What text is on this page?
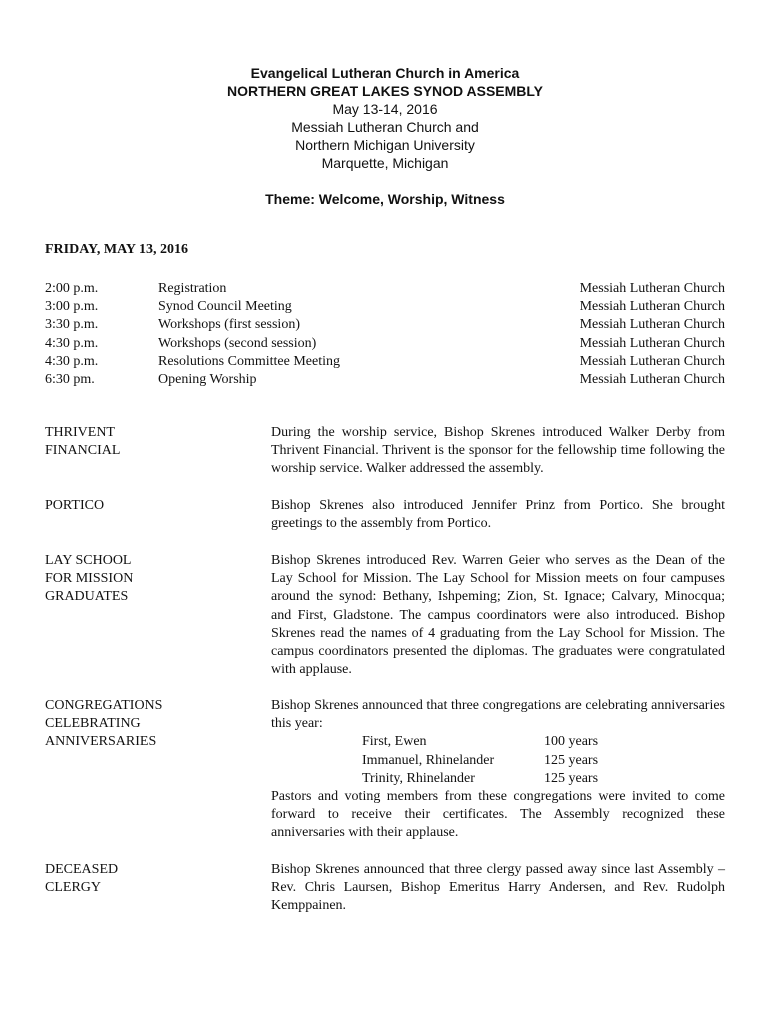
Evangelical Lutheran Church in America
NORTHERN GREAT LAKES SYNOD ASSEMBLY
May 13-14, 2016
Messiah Lutheran Church and
Northern Michigan University
Marquette, Michigan
Theme: Welcome, Worship, Witness
FRIDAY, MAY 13, 2016
2:00 p.m.	Registration	Messiah Lutheran Church
3:00 p.m.	Synod Council Meeting	Messiah Lutheran Church
3:30 p.m.	Workshops (first session)	Messiah Lutheran Church
4:30 p.m.	Workshops (second session)	Messiah Lutheran Church
4:30 p.m.	Resolutions Committee Meeting	Messiah Lutheran Church
6:30 pm.	Opening Worship	Messiah Lutheran Church
THRIVENT
FINANCIAL
During the worship service, Bishop Skrenes introduced Walker Derby from Thrivent Financial. Thrivent is the sponsor for the fellowship time following the worship service. Walker addressed the assembly.
PORTICO	Bishop Skrenes also introduced Jennifer Prinz from Portico. She brought greetings to the assembly from Portico.
LAY SCHOOL
FOR MISSION
GRADUATES
Bishop Skrenes introduced Rev. Warren Geier who serves as the Dean of the Lay School for Mission. The Lay School for Mission meets on four campuses around the synod: Bethany, Ishpeming; Zion, St. Ignace; Calvary, Minocqua; and First, Gladstone. The campus coordinators were also introduced. Bishop Skrenes read the names of 4 graduating from the Lay School for Mission. The campus coordinators presented the diplomas. The graduates were congratulated with applause.
CONGREGATIONS
CELEBRATING
ANNIVERSARIES
Bishop Skrenes announced that three congregations are celebrating anniversaries this year:
First, Ewen	100 years
Immanuel, Rhinelander	125 years
Trinity, Rhinelander	125 years
Pastors and voting members from these congregations were invited to come forward to receive their certificates. The Assembly recognized these anniversaries with their applause.
DECEASED
CLERGY
Bishop Skrenes announced that three clergy passed away since last Assembly – Rev. Chris Laursen, Bishop Emeritus Harry Andersen, and Rev. Rudolph Kemppainen.
